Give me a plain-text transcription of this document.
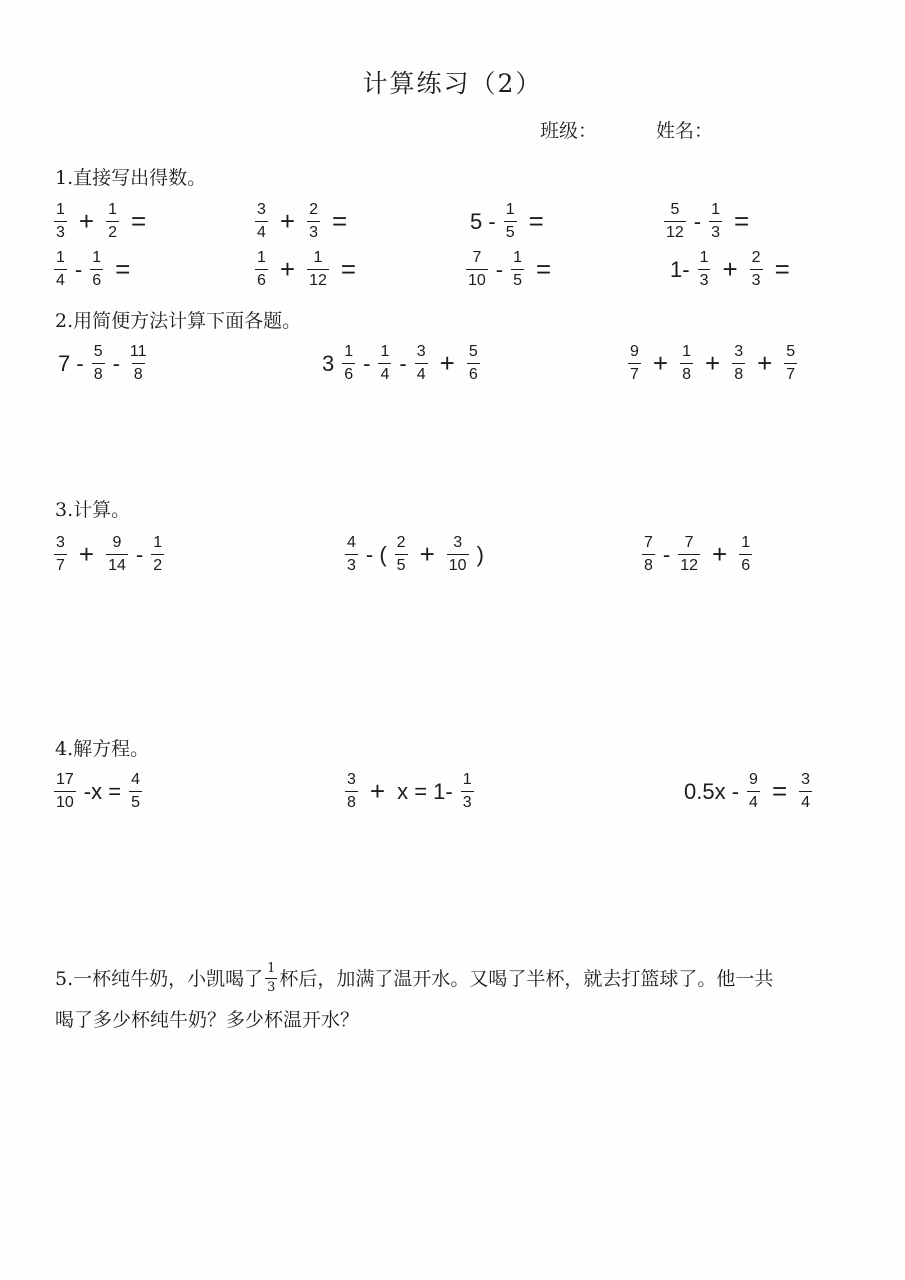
计算练习（2）
班级：	姓名：
1.直接写出得数。
2.用简便方法计算下面各题。
3.计算。
4.解方程。
$\frac{1}{3} + \frac{1}{2}$ =	$\frac{3}{4} + \frac{2}{3}$ =	$5 - \frac{1}{5}$ =	$\frac{5}{12} - \frac{1}{3}$ =
$\frac{1}{4} - \frac{1}{6}$ =	$\frac{1}{6} + \frac{1}{12}$ =	$\frac{7}{10} - \frac{1}{5}$ =	$1- \frac{1}{3} + \frac{2}{3}$ =
$7 - \frac{5}{8} - \frac{11}{8}$	$3 \frac{1}{6} - \frac{1}{4} - \frac{3}{4} + \frac{5}{6}$	$\frac{9}{7} + \frac{1}{8} + \frac{3}{8} + \frac{5}{7}$
$\frac{3}{7} + \frac{9}{14} - \frac{1}{2}$	$\frac{4}{3}$ - ( $\frac{2}{5} + \frac{3}{10}$ )	$\frac{7}{8} - \frac{7}{12} + \frac{1}{6}$
$\frac{17}{10} -x = \frac{4}{5}$	$\frac{3}{8} + x = 1- \frac{1}{3}$	$0.5x - \frac{9}{4} = \frac{3}{4}$
5.一杯纯牛奶，小凯喝了 $\frac{1}{3}$ 杯后，加满了温开水。又喝了半杯，就去打篮球了。他一共
喝了多少杯纯牛奶？多少杯温开水？
